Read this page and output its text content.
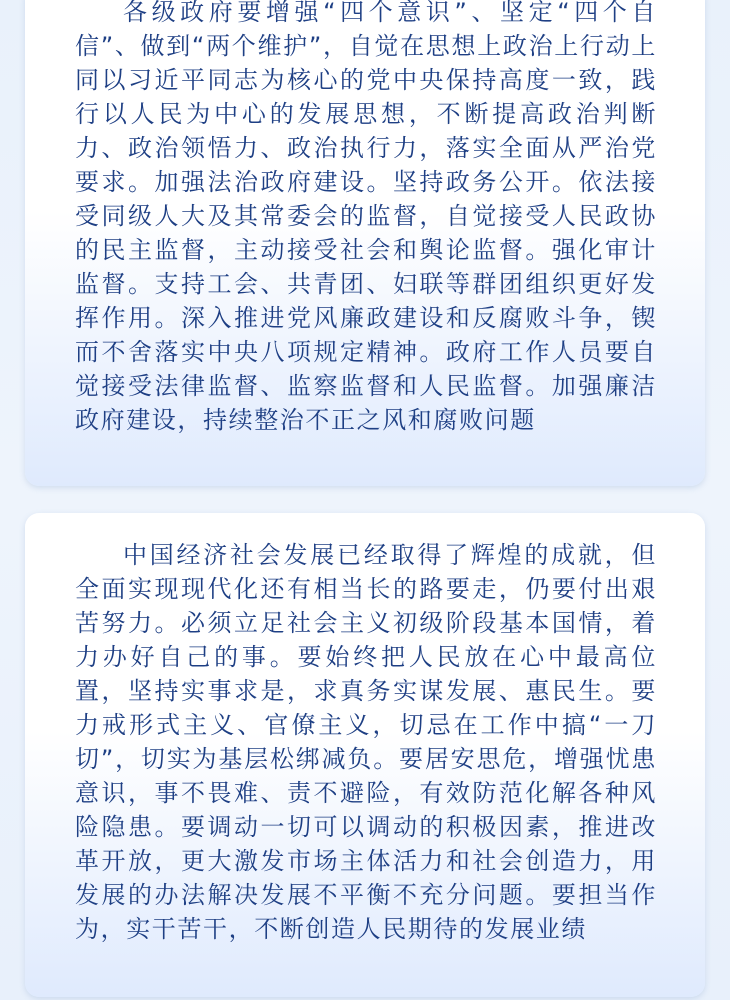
各级政府要增强“四个意识”、坚定“四个自信”、做到“两个维护”，自觉在思想上政治上行动上同以习近平同志为核心的党中央保持高度一致，践行以人民为中心的发展思想，不断提高政治判断力、政治领悟力、政治执行力，落实全面从严治党要求。加强法治政府建设。坚持政务公开。依法接受同级人大及其常委会的监督，自觉接受人民政协的民主监督，主动接受社会和舆论监督。强化审计监督。支持工会、共青团、妇联等群团组织更好发挥作用。深入推进党风廉政建设和反腐败斗争，锲而不舍落实中央八项规定精神。政府工作人员要自觉接受法律监督、监察监督和人民监督。加强廉洁政府建设，持续整治不正之风和腐败问题

中国经济社会发展已经取得了辉煌的成就，但全面实现现代化还有相当长的路要走，仍要付出艰苦努力。必须立足社会主义初级阶段基本国情，着力办好自己的事。要始终把人民放在心中最高位置，坚持实事求是，求真务实谋发展、惠民生。要力戒形式主义、官僚主义，切忌在工作中搞“一刀切”，切实为基层松绑减负。要居安思危，增强忧患意识，事不畏难、责不避险，有效防范化解各种风险隐患。要调动一切可以调动的积极因素，推进改革开放，更大激发市场主体活力和社会创造力，用发展的办法解决发展不平衡不充分问题。要担当作为，实干苦干，不断创造人民期待的发展业绩
